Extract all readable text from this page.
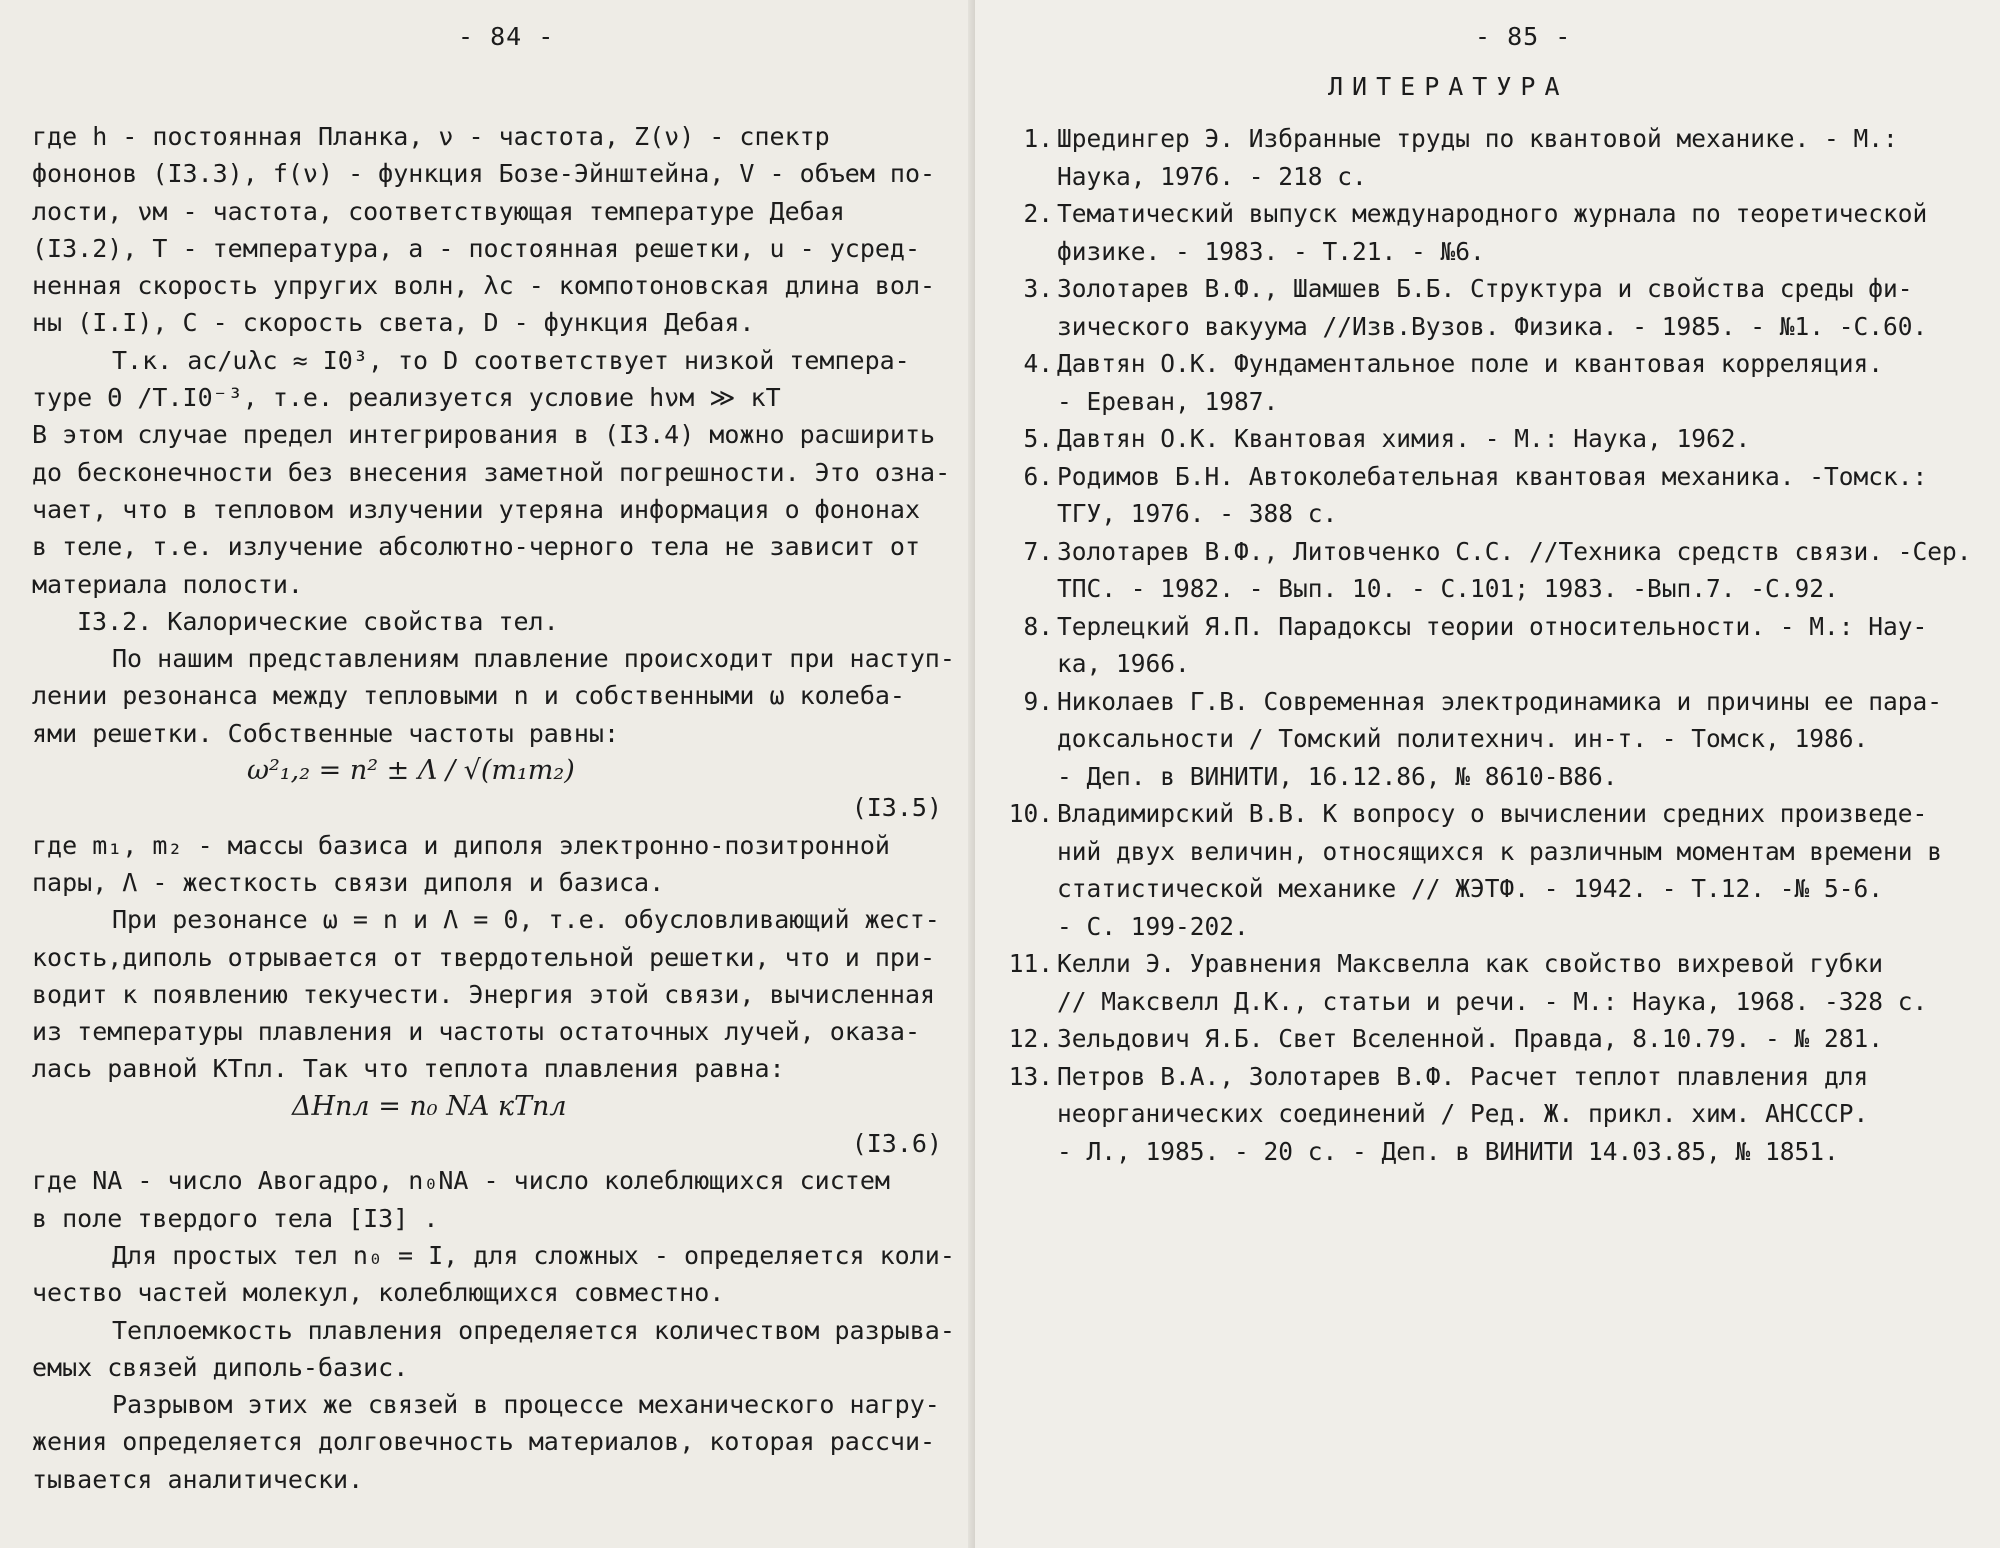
- 84 -
где h - постоянная Планка, ν - частота, Z(ν) - спектр
фононов (I3.3), f(ν) - функция Бозе-Эйнштейна, V - объем по-
лости, νм - частота, соответствующая температуре Дебая
(I3.2), Т - температура, a - постоянная решетки, u - усред-
ненная скорость упругих волн, λc - компотоновская длина вол-
ны (I.I), С - скорость света, D - функция Дебая.
Т.к. ac/uλc ≈ I0³, то D соответствует низкой темпера-
туре Θ /T.I0⁻³, т.е. реализуется условие hνм ≫ кТ
В этом случае предел интегрирования в (I3.4) можно расширить
до бесконечности без внесения заметной погрешности. Это озна-
чает, что в тепловом излучении утеряна информация о фононах
в теле, т.е. излучение абсолютно-черного тела не зависит от
материала полости.
I3.2. Калорические свойства тел.
По нашим представлениям плавление происходит при наступ-
лении резонанса между тепловыми n и собственными ω колеба-
ями решетки. Собственные частоты равны:
ω²₁,₂ = n² ± Λ / √(m₁m₂)
(I3.5)
где m₁, m₂ - массы базиса и диполя электронно-позитронной
пары, Λ - жесткость связи диполя и базиса.
При резонансе ω = n и Λ = 0, т.е. обусловливающий жест-
кость,диполь отрывается от твердотельной решетки, что и при-
водит к появлению текучести. Энергия этой связи, вычисленная
из температуры плавления и частоты остаточных лучей, оказа-
лась равной КТпл. Так что теплота плавления равна:
ΔHпл = n₀ NA кТпл
(I3.6)
где NA - число Авогадро, n₀NA - число колеблющихся систем
в поле твердого тела [I3] .
Для простых тел n₀ = I, для сложных - определяется коли-
чество частей молекул, колеблющихся совместно.
Теплоемкость плавления определяется количеством разрыва-
емых связей диполь-базис.
Разрывом этих же связей в процессе механического нагру-
жения определяется долговечность материалов, которая рассчи-
тывается аналитически.
- 85 -
ЛИТЕРАТУРА
1. Шредингер Э. Избранные труды по квантовой механике. - М.:
Наука, 1976. - 218 с.
2. Тематический выпуск международного журнала по теоретической
физике. - 1983. - Т.21. - №6.
3. Золотарев В.Ф., Шамшев Б.Б. Структура и свойства среды фи-
зического вакуума //Изв.Вузов. Физика. - 1985. - №1. -С.60.
4. Давтян О.К. Фундаментальное поле и квантовая корреляция.
- Ереван, 1987.
5. Давтян О.К. Квантовая химия. - М.: Наука, 1962.
6. Родимов Б.Н. Автоколебательная квантовая механика. -Томск.:
ТГУ, 1976. - 388 с.
7. Золотарев В.Ф., Литовченко С.С. //Техника средств связи. -Сер.
ТПС. - 1982. - Вып. 10. - С.101; 1983. -Вып.7. -С.92.
8. Терлецкий Я.П. Парадоксы теории относительности. - М.: Нау-
ка, 1966.
9. Николаев Г.В. Современная электродинамика и причины ее пара-
доксальности / Томский политехнич. ин-т. - Томск, 1986.
- Деп. в ВИНИТИ, 16.12.86, № 8610-В86.
10. Владимирский В.В. К вопросу о вычислении средних произведе-
ний двух величин, относящихся к различным моментам времени в
статистической механике // ЖЭТФ. - 1942. - Т.12. -№ 5-6.
- С. 199-202.
11. Келли Э. Уравнения Максвелла как свойство вихревой губки
// Максвелл Д.К., статьи и речи. - М.: Наука, 1968. -328 с.
12. Зельдович Я.Б. Свет Вселенной. Правда, 8.10.79. - № 281.
13. Петров В.А., Золотарев В.Ф. Расчет теплот плавления для
неорганических соединений / Ред. Ж. прикл. хим. АНСССР.
- Л., 1985. - 20 с. - Деп. в ВИНИТИ 14.03.85, № 1851.
